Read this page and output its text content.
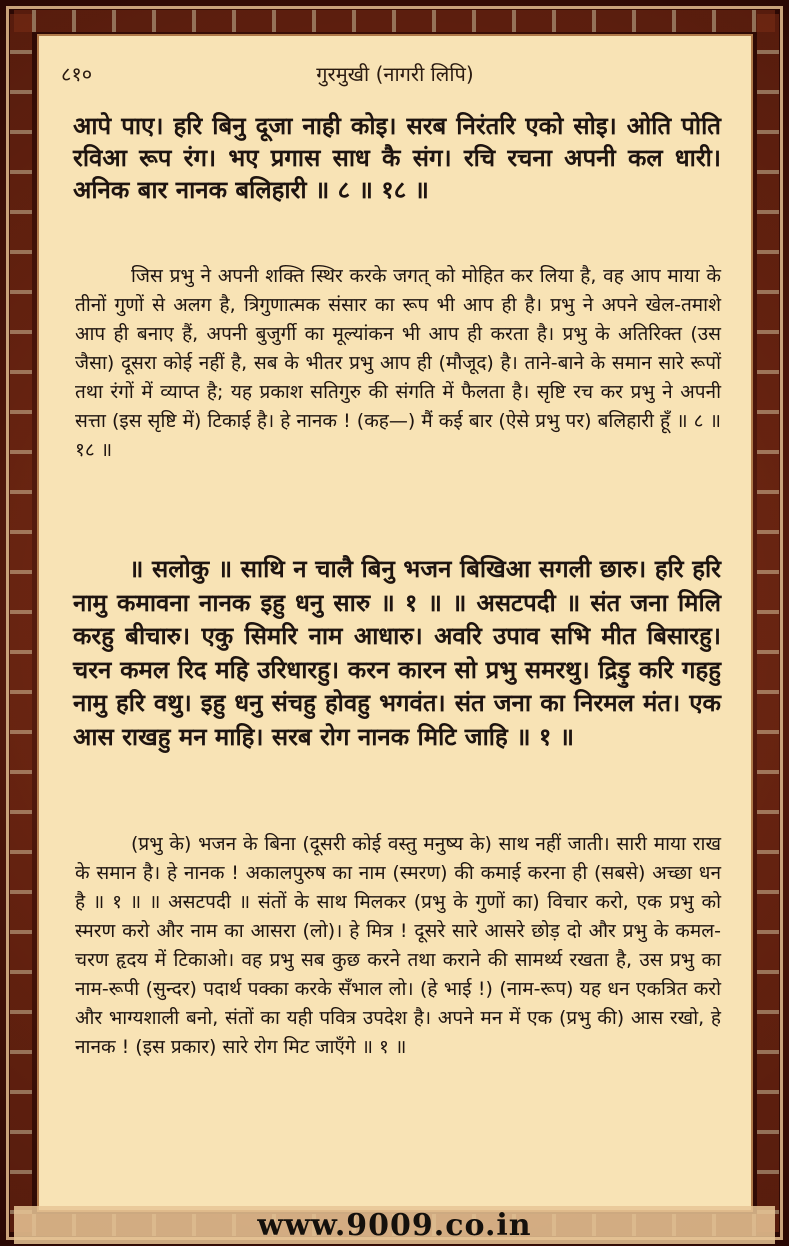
८१०	गुरमुखी (नागरी लिपि)
आपे पाए। हरि बिनु दूजा नाही कोइ। सरब निरंतरि एको सोइ। ओति पोति रविआ रूप रंग। भए प्रगास साध कै संग। रचि रचना अपनी कल धारी। अनिक बार नानक बलिहारी ॥ ८ ॥ १८ ॥
जिस प्रभु ने अपनी शक्ति स्थिर करके जगत् को मोहित कर लिया है, वह आप माया के तीनों गुणों से अलग है, त्रिगुणात्मक संसार का रूप भी आप ही है। प्रभु ने अपने खेल-तमाशे आप ही बनाए हैं, अपनी बुजुर्गी का मूल्यांकन भी आप ही करता है। प्रभु के अतिरिक्त (उस जैसा) दूसरा कोई नहीं है, सब के भीतर प्रभु आप ही (मौजूद) है। ताने-बाने के समान सारे रूपों तथा रंगों में व्याप्त है; यह प्रकाश सतिगुरु की संगति में फैलता है। सृष्टि रच कर प्रभु ने अपनी सत्ता (इस सृष्टि में) टिकाई है। हे नानक ! (कह—) मैं कई बार (ऐसे प्रभु पर) बलिहारी हूँ ॥ ८ ॥ १८ ॥
॥ सलोकु ॥ साथि न चालै बिनु भजन बिखिआ सगली छारु। हरि हरि नामु कमावना नानक इहु धनु सारु ॥ १ ॥ ॥ असटपदी ॥ संत जना मिलि करहु बीचारु। एकु सिमरि नाम आधारु। अवरि उपाव सभि मीत बिसारहु। चरन कमल रिद महि उरिधारहु। करन कारन सो प्रभु समरथु। द्रिड़ु करि गहहु नामु हरि वथु। इहु धनु संचहु होवहु भगवंत। संत जना का निरमल मंत। एक आस राखहु मन माहि। सरब रोग नानक मिटि जाहि ॥ १ ॥
(प्रभु के) भजन के बिना (दूसरी कोई वस्तु मनुष्य के) साथ नहीं जाती। सारी माया राख के समान है। हे नानक ! अकालपुरुष का नाम (स्मरण) की कमाई करना ही (सबसे) अच्छा धन है ॥ १ ॥ ॥ असटपदी ॥ संतों के साथ मिलकर (प्रभु के गुणों का) विचार करो, एक प्रभु को स्मरण करो और नाम का आसरा (लो)। हे मित्र ! दूसरे सारे आसरे छोड़ दो और प्रभु के कमल-चरण हृदय में टिकाओ। वह प्रभु सब कुछ करने तथा कराने की सामर्थ्य रखता है, उस प्रभु का नाम-रूपी (सुन्दर) पदार्थ पक्का करके सँभाल लो। (हे भाई !) (नाम-रूप) यह धन एकत्रित करो और भाग्यशाली बनो, संतों का यही पवित्र उपदेश है। अपने मन में एक (प्रभु की) आस रखो, हे नानक ! (इस प्रकार) सारे रोग मिट जाएँगे ॥ १ ॥
www.9009.co.in
